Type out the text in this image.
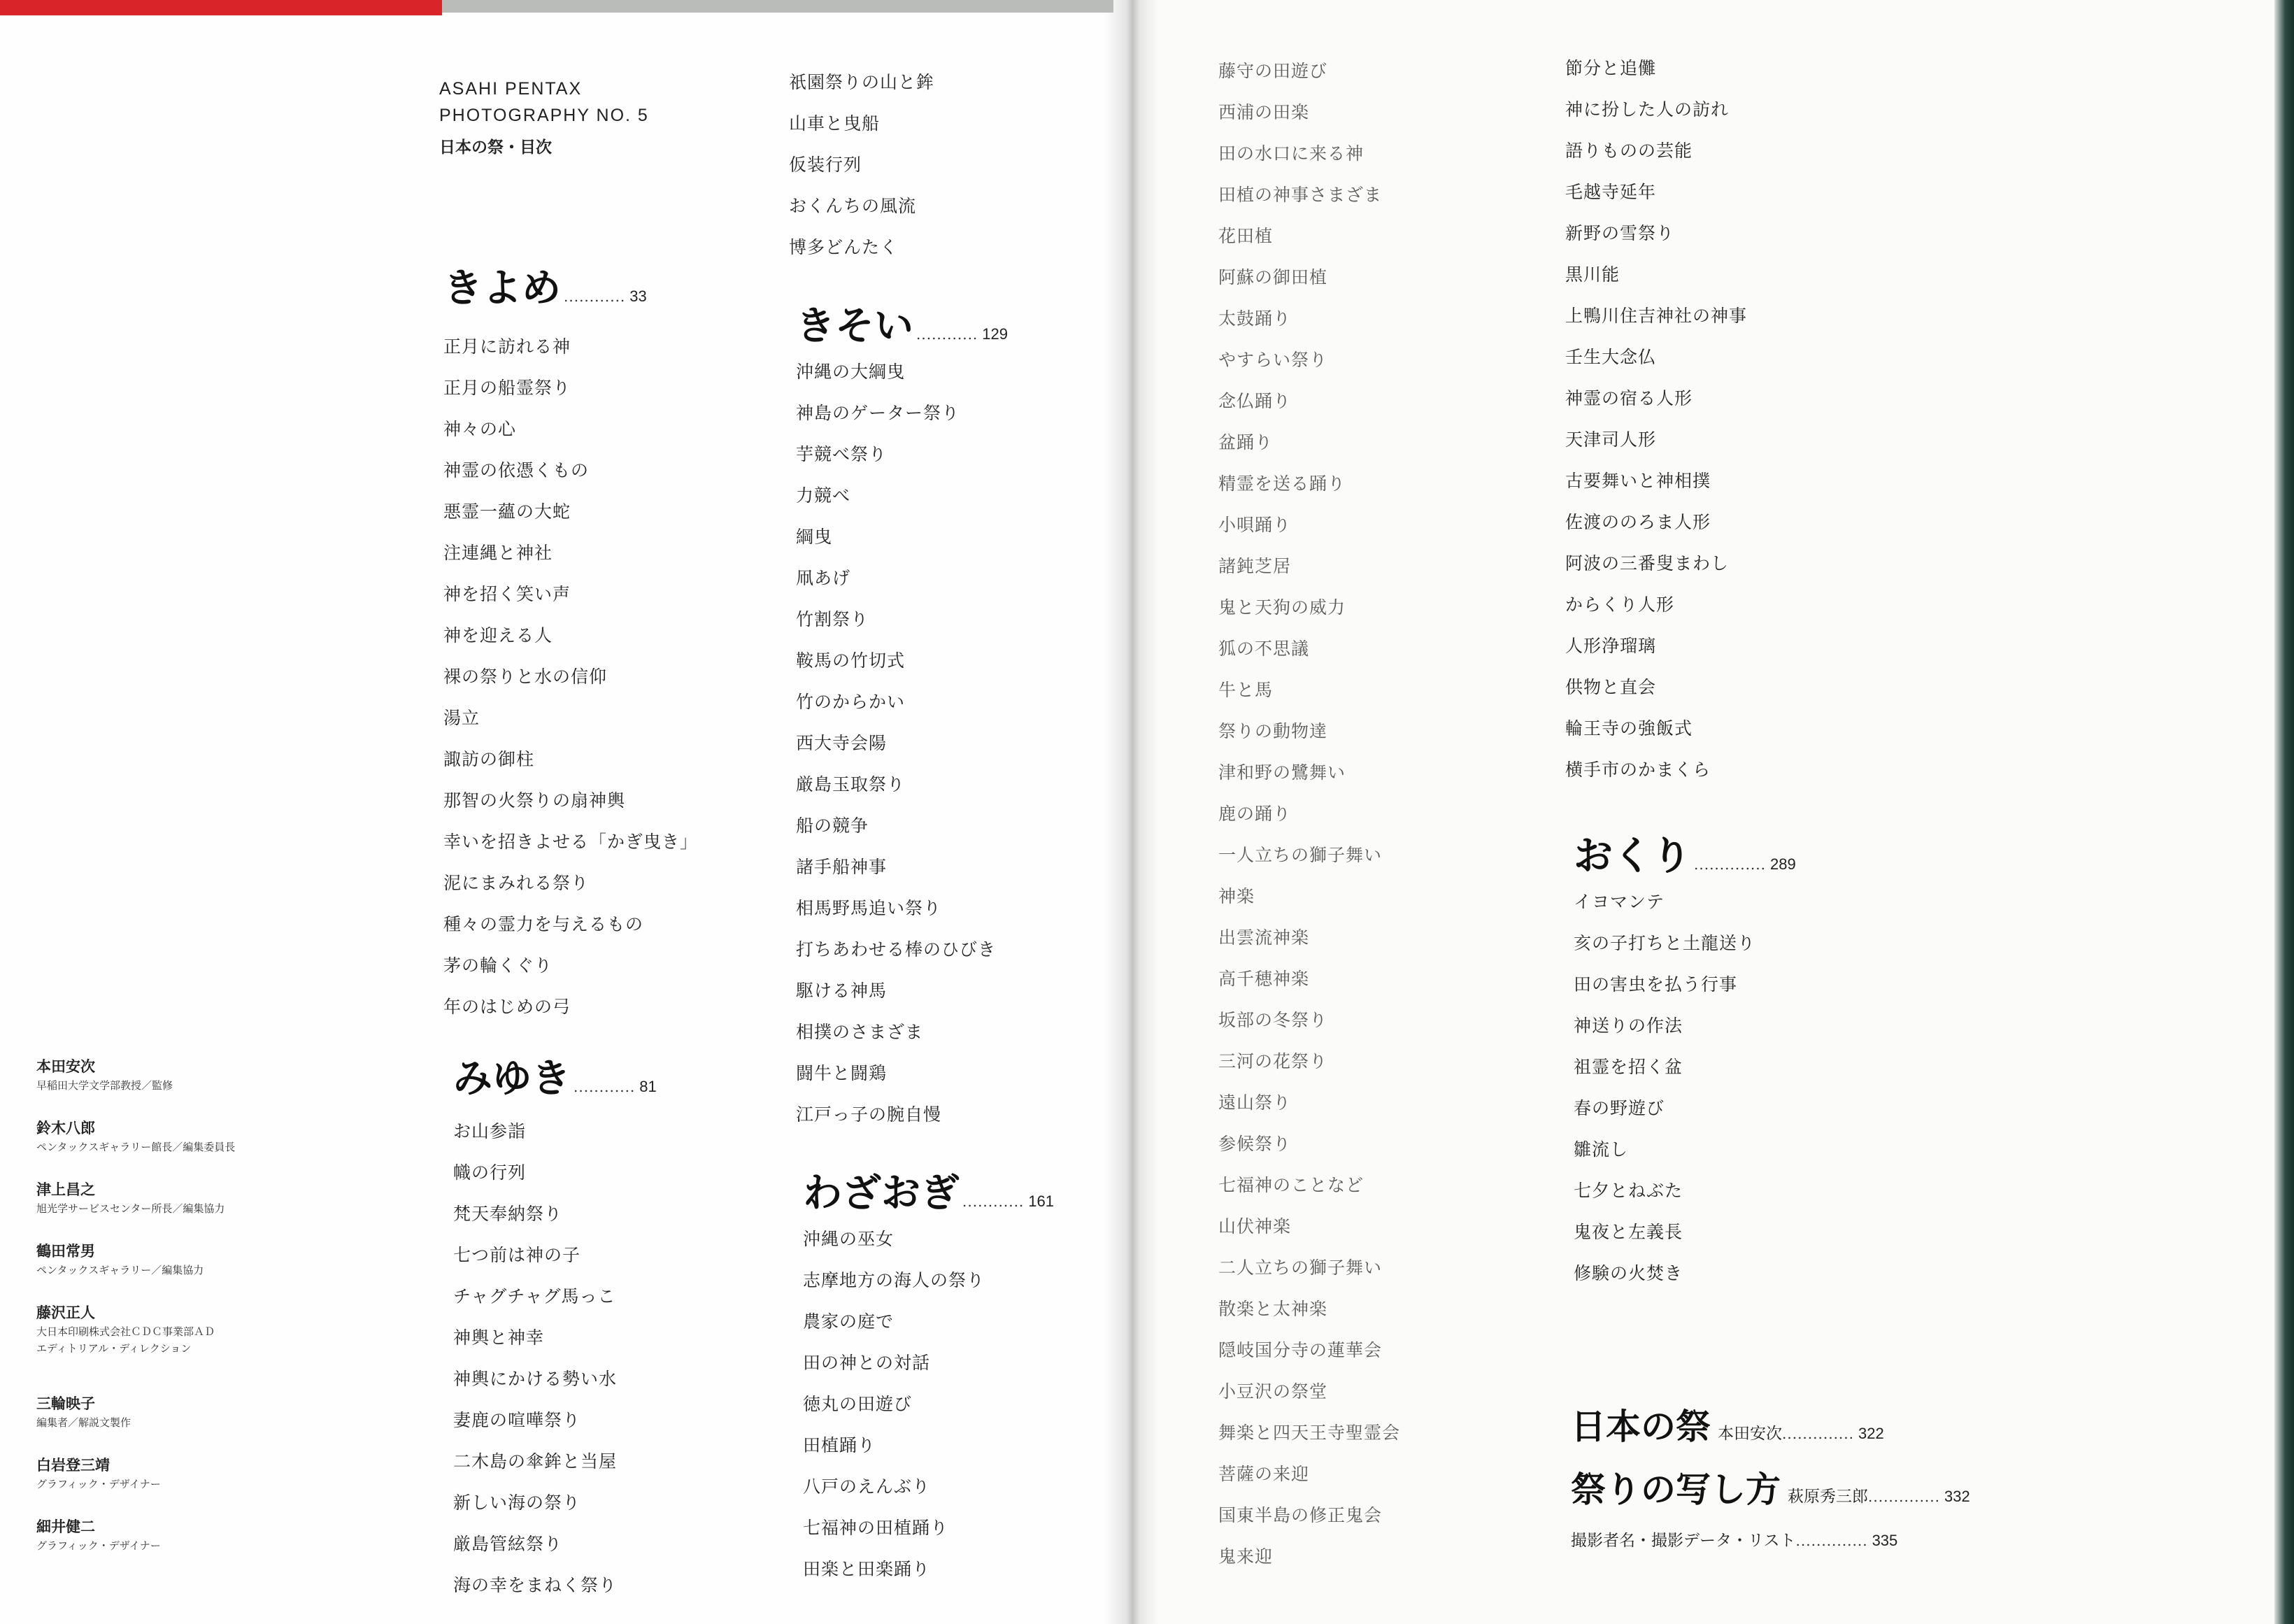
ASAHI PENTAX
PHOTOGRAPHY NO. 5
日本の祭・目次
きよめ ............ 33
正月に訪れる神
正月の船霊祭り
神々の心
神霊の依憑くもの
悪霊一蘊の大蛇
注連縄と神社
神を招く笑い声
神を迎える人
裸の祭りと水の信仰
湯立
諏訪の御柱
那智の火祭りの扇神輿
幸いを招きよせる「かぎ曳き」
泥にまみれる祭り
種々の霊力を与えるもの
茅の輪くぐり
年のはじめの弓
みゆき ............ 81
お山参詣
幟の行列
梵天奉納祭り
七つ前は神の子
チャグチャグ馬っこ
神輿と神幸
神輿にかける勢い水
妻鹿の喧嘩祭り
二木島の傘鉾と当屋
新しい海の祭り
厳島管絃祭り
海の幸をまねく祭り
祇園祭りの山と鉾
山車と曳船
仮装行列
おくんちの風流
博多どんたく
きそい ............ 129
沖縄の大綱曳
神島のゲーター祭り
芋競べ祭り
力競べ
綱曳
凧あげ
竹割祭り
鞍馬の竹切式
竹のからかい
西大寺会陽
厳島玉取祭り
船の競争
諸手船神事
相馬野馬追い祭り
打ちあわせる棒のひびき
駆ける神馬
相撲のさまざま
闘牛と闘鶏
江戸っ子の腕自慢
わざおぎ ............ 161
沖縄の巫女
志摩地方の海人の祭り
農家の庭で
田の神との対話
徳丸の田遊び
田植踊り
八戸のえんぶり
七福神の田植踊り
田楽と田楽踊り
藤守の田遊び
西浦の田楽
田の水口に来る神
田植の神事さまざま
花田植
阿蘇の御田植
太鼓踊り
やすらい祭り
念仏踊り
盆踊り
精霊を送る踊り
小唄踊り
諸鈍芝居
鬼と天狗の威力
狐の不思議
牛と馬
祭りの動物達
津和野の鷺舞い
鹿の踊り
一人立ちの獅子舞い
神楽
出雲流神楽
高千穂神楽
坂部の冬祭り
三河の花祭り
遠山祭り
参候祭り
七福神のことなど
山伏神楽
二人立ちの獅子舞い
散楽と太神楽
隠岐国分寺の蓮華会
小豆沢の祭堂
舞楽と四天王寺聖霊会
菩薩の来迎
国東半島の修正鬼会
鬼来迎
節分と追儺
神に扮した人の訪れ
語りものの芸能
毛越寺延年
新野の雪祭り
黒川能
上鴨川住吉神社の神事
壬生大念仏
神霊の宿る人形
天津司人形
古要舞いと神相撲
佐渡ののろま人形
阿波の三番叟まわし
からくり人形
人形浄瑠璃
供物と直会
輪王寺の強飯式
横手市のかまくら
おくり .............. 289
イヨマンテ
亥の子打ちと土龍送り
田の害虫を払う行事
神送りの作法
祖霊を招く盆
春の野遊び
雛流し
七夕とねぶた
鬼夜と左義長
修験の火焚き
日本の祭 本田安次 .............. 322
祭りの写し方 萩原秀三郎 .............. 332
撮影者名・撮影データ・リスト .............. 335
本田安次
早稲田大学文学部教授／監修
鈴木八郎
ペンタックスギャラリー館長／編集委員長
津上昌之
旭光学サービスセンター所長／編集協力
鶴田常男
ペンタックスギャラリー／編集協力
藤沢正人
大日本印刷株式会社ＣＤＣ事業部ＡＤ
エディトリアル・ディレクション
三輪映子
編集者／解説文製作
白岩登三靖
グラフィック・デザイナー
細井健二
グラフィック・デザイナー
